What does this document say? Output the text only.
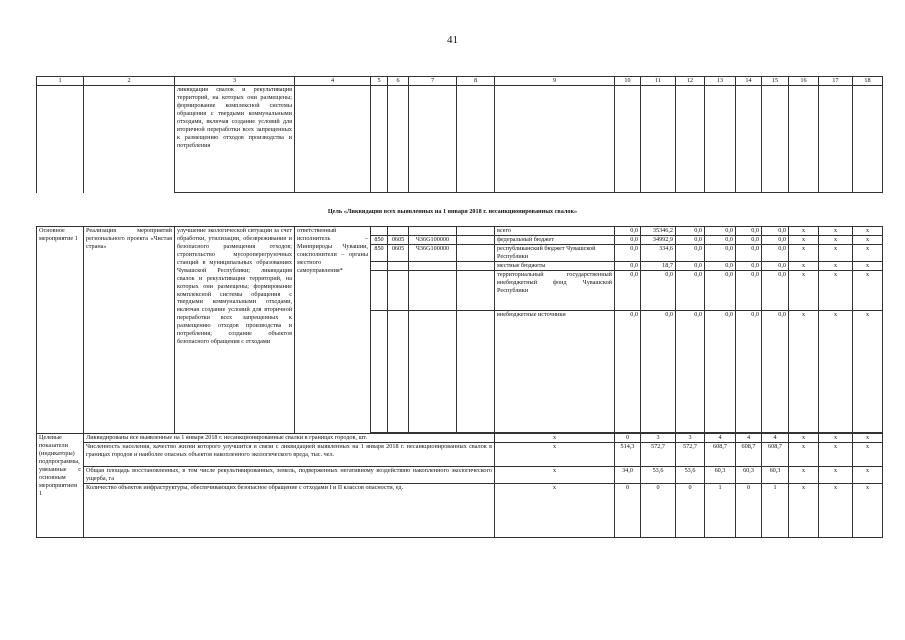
41
1	2	3	4	5	6	7	8	9	10	11	12	13	14	15	16	17	18
		ликвидация свалок и рекультивация территорий, на которых они размещены; формирование комплексной системы обращения с твердыми коммунальными отходами, включая создание условий для вторичной переработки всех запрещенных к размещению отходов производства и потребления															
Цель «Ликвидация всех выявленных на 1 января 2018 г. несанкционированных свалок»
Основное мероприятие 1	Реализация мероприятий регионального проекта «Чистая страна»	улучшение экологической ситуации за счет обработки, утилизации, обезвреживания и безопасного размещения отходов; строительство мусороперегрузочных станций в муниципальных образованиях Чувашской Республики; ликвидация свалок и рекультивация территорий, на которых они размещены; формирование комплексной системы обращения с твердыми коммунальными отходами, включая создание условий для вторичной переработки всех запрещенных к размещению отходов производства и потребления; создание объектов безопасного обращения с отходами	ответственный исполнитель – Минприроды Чувашии, соисполнители – органы местного самоуправления*					всего	0,0	35346,2	0,0	0,0	0,0	0,0	x	x	x
				850	0605	Ч36G100000		федеральный бюджет	0,0	34992,9	0,0	0,0	0,0	0,0	x	x	x
				850	0605	Ч36G100000		республиканский бюджет Чувашской Республики	0,0	334,6	0,0	0,0	0,0	0,0	x	x	x
								местные бюджеты	0,0	18,7	0,0	0,0	0,0	0,0	x	x	x
								территориальный государственный внебюджетный фонд Чувашской Республики	0,0	0,0	0,0	0,0	0,0	0,0	x	x	x
								внебюджетные источники	0,0	0,0	0,0	0,0	0,0	0,0	x	x	x

Целевые показатели (индикаторы) подпрограммы, увязанные с основным мероприятием 1	Ликвидированы все выявленные на 1 января 2018 г. несанкционированные свалки в границах городов, шт.							x	0	3	3	4	4	4	x	x	x
	Численность населения, качество жизни которого улучшится в связи с ликвидацией выявленных на 1 января 2018 г. несанкционированных свалок в границах городов и наиболее опасных объектов накопленного экологического вреда, тыс. чел.							x	514,3	572,7	572,7	608,7	608,7	608,7	x	x	x
	Общая площадь восстановленных, в том числе рекультивированных, земель, подверженных негативному воздействию накопленного экологического ущерба, га							x	34,0	53,6	53,6	60,3	60,3	60,3	x	x	x
	Количество объектов инфраструктуры, обеспечивающих безопасное обращение с отходами I и II классов опасности, ед.							x	0	0	0	1	0	1	x	x	x
